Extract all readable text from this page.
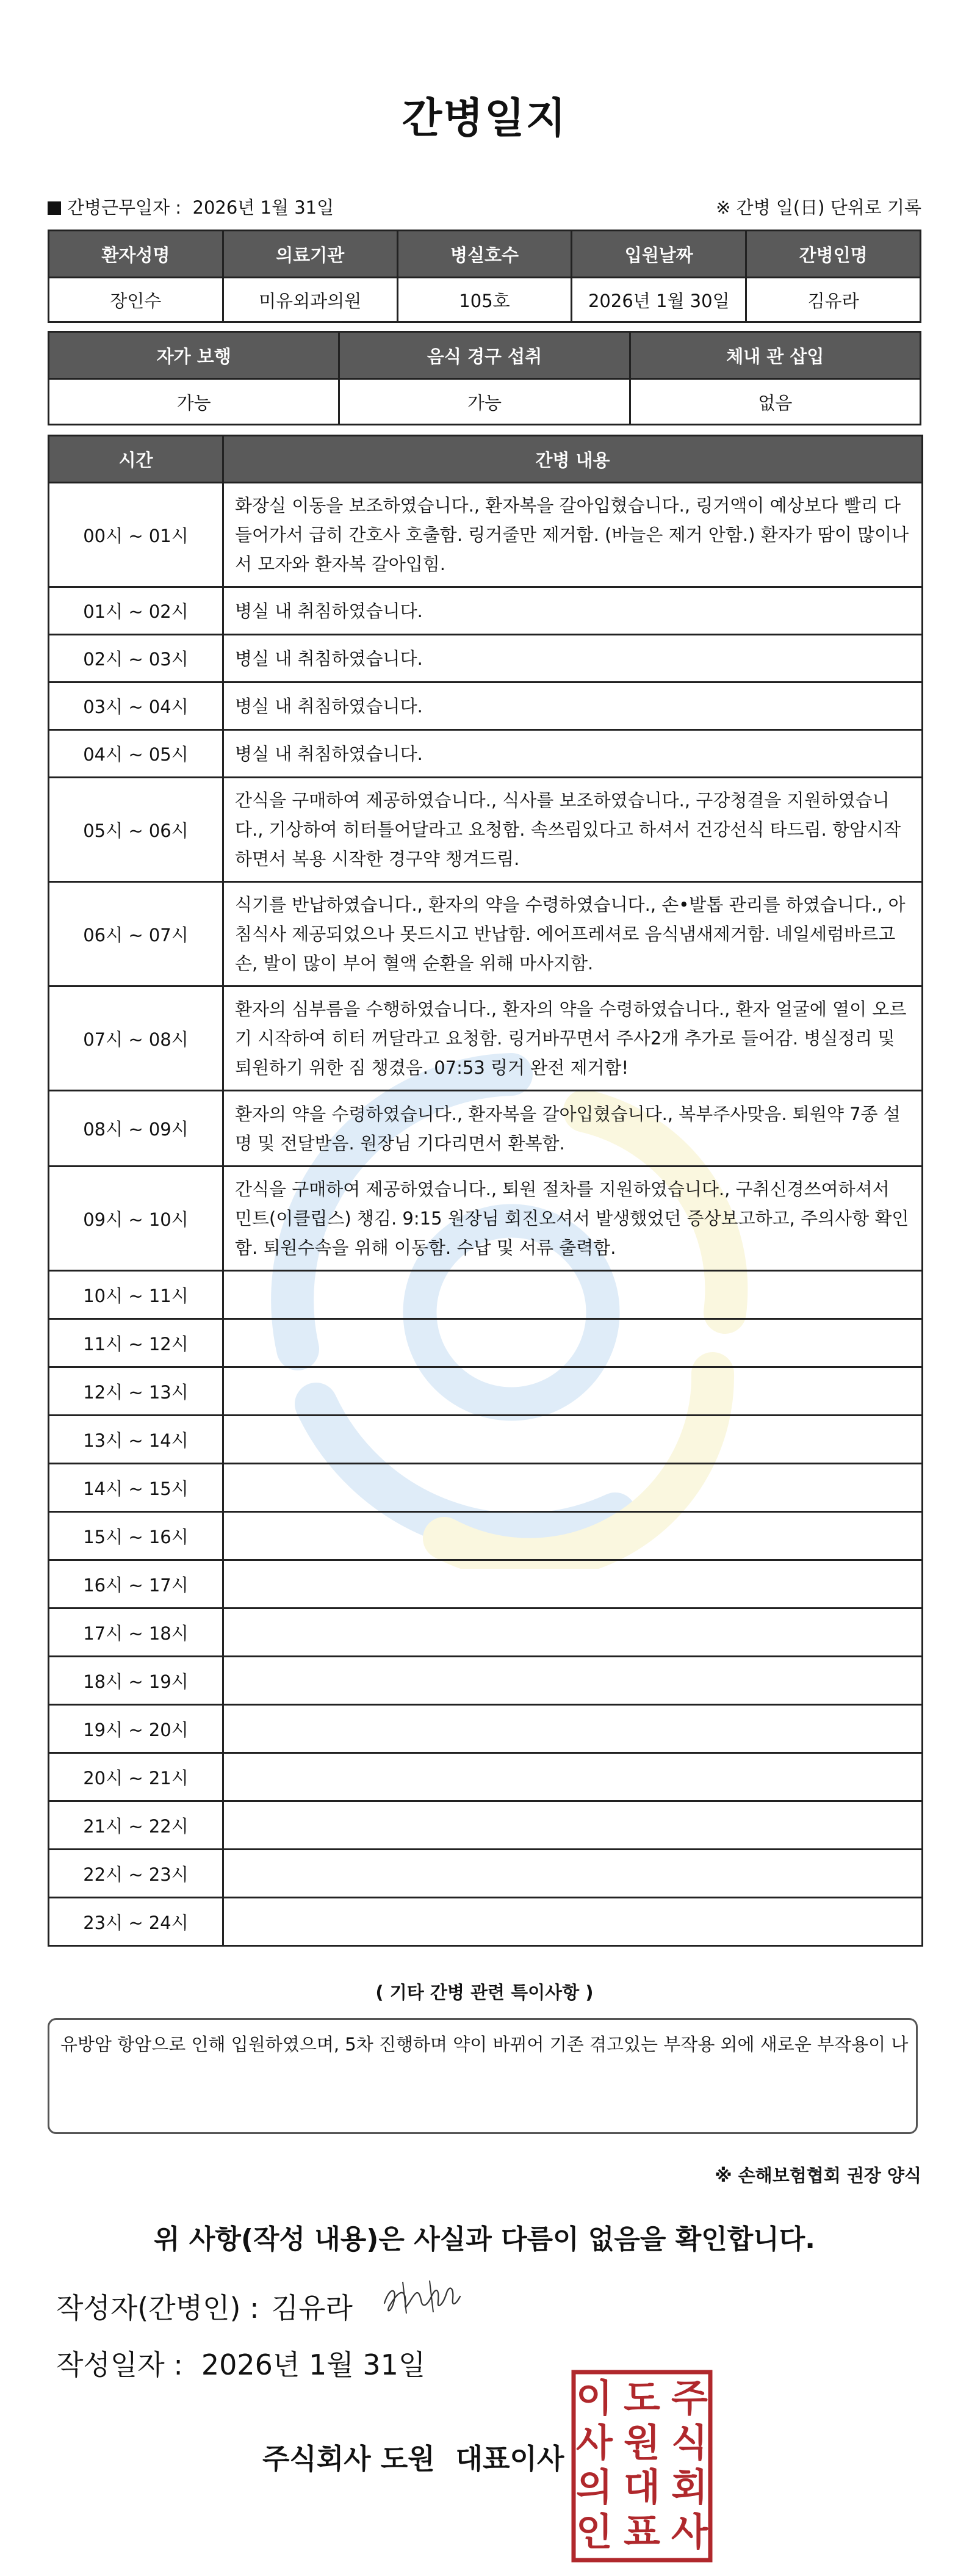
간병일지
간병근무일자 : 2026년 1월 31일	※ 간병 일(日) 단위로 기록
환자성명	의료기관	병실호수	입원날짜	간병인명
장인수	미유외과의원	105호	2026년 1월 30일	김유라
자가 보행	음식 경구 섭취	체내 관 삽입
가능	가능	없음
시간	간병 내용
00시 ~ 01시	화장실 이동을 보조하였습니다., 환자복을 갈아입혔습니다., 링거액이 예상보다 빨리 다 들어가서 급히 간호사 호출함. 링거줄만 제거함. (바늘은 제거 안함.) 환자가 땀이 많이나서 모자와 환자복 갈아입힘.
01시 ~ 02시	병실 내 취침하였습니다.
02시 ~ 03시	병실 내 취침하였습니다.
03시 ~ 04시	병실 내 취침하였습니다.
04시 ~ 05시	병실 내 취침하였습니다.
05시 ~ 06시	간식을 구매하여 제공하였습니다., 식사를 보조하였습니다., 구강청결을 지원하였습니다., 기상하여 히터틀어달라고 요청함. 속쓰림있다고 하셔서 건강선식 타드림. 항암시작하면서 복용 시작한 경구약 챙겨드림.
06시 ~ 07시	식기를 반납하였습니다., 환자의 약을 수령하였습니다., 손•발톱 관리를 하였습니다., 아침식사 제공되었으나 못드시고 반납함. 에어프레셔로 음식냄새제거함. 네일세럼바르고 손, 발이 많이 부어 혈액 순환을 위해 마사지함.
07시 ~ 08시	환자의 심부름을 수행하였습니다., 환자의 약을 수령하였습니다., 환자 얼굴에 열이 오르기 시작하여 히터 꺼달라고 요청함. 링거바꾸면서 주사2개 추가로 들어감. 병실정리 및 퇴원하기 위한 짐 챙겼음. 07:53 링거 완전 제거함!
08시 ~ 09시	환자의 약을 수령하였습니다., 환자복을 갈아입혔습니다., 복부주사맞음. 퇴원약 7종 설명 및 전달받음. 원장님 기다리면서 환복함.
09시 ~ 10시	간식을 구매하여 제공하였습니다., 퇴원 절차를 지원하였습니다., 구취신경쓰여하셔서 민트(이클립스) 챙김. 9:15 원장님 회진오셔서 발생했었던 증상보고하고, 주의사항 확인함. 퇴원수속을 위해 이동함. 수납 및 서류 출력함.
10시 ~ 11시	
11시 ~ 12시	
12시 ~ 13시	
13시 ~ 14시	
14시 ~ 15시	
15시 ~ 16시	
16시 ~ 17시	
17시 ~ 18시	
18시 ~ 19시	
19시 ~ 20시	
20시 ~ 21시	
21시 ~ 22시	
22시 ~ 23시	
23시 ~ 24시	
( 기타 간병 관련 특이사항 )
유방암 항암으로 인해 입원하였으며, 5차 진행하며 약이 바뀌어 기존 겪고있는 부작용 외에 새로운 부작용이 나
※ 손해보험협회 권장 양식
위 사항(작성 내용)은 사실과 다름이 없음을 확인합니다.
작성자(간병인) : 김유라
작성일자 : 2026년 1월 31일
주식회사 도원 대표이사
주
식
회
사
도
원
대
표
이
사
의
인
